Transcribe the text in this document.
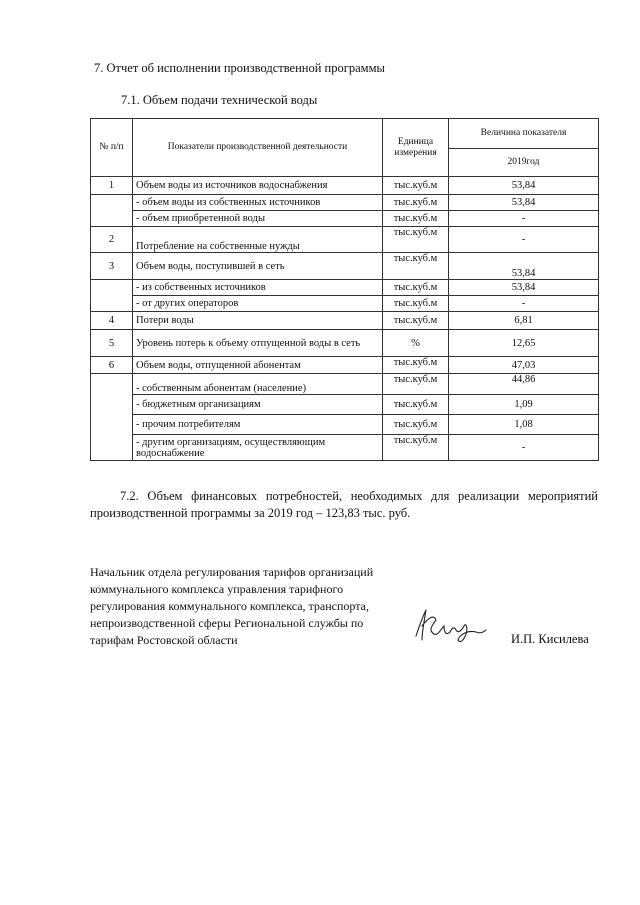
7. Отчет об исполнении производственной программы
7.1. Объем подачи технической воды
№ п/п	Показатели производственной деятельности	Единица измерения	Величина показателя
			2019год
1	Объем воды из источников водоснабжения	тыс.куб.м	53,84
	- объем воды из собственных источников	тыс.куб.м	53,84
	- объем приобретенной воды	тыс.куб.м	-
2	Потребление на собственные нужды	тыс.куб.м	-
3	Объем воды, поступившей в сеть	тыс.куб.м	53,84
	- из собственных источников	тыс.куб.м	53,84
	- от других операторов	тыс.куб.м	-
4	Потери воды	тыс.куб.м	6,81
5	Уровень потерь к объему отпущенной воды в сеть	%	12,65
6	Объем воды, отпущенной абонентам	тыс.куб.м	47,03
	- собственным абонентам (население)	тыс.куб.м	44,86
	- бюджетным организациям	тыс.куб.м	1,09
	- прочим потребителям	тыс.куб.м	1,08
	- другим организациям, осуществляющим водоснабжение	тыс.куб.м	-
7.2. Объем финансовых потребностей, необходимых для реализации мероприятий производственной программы за 2019 год – 123,83 тыс. руб.
Начальник отдела регулирования тарифов организаций коммунального комплекса управления тарифного регулирования коммунального комплекса, транспорта, непроизводственной сферы Региональной службы по тарифам Ростовской области	И.П. Кисилева
